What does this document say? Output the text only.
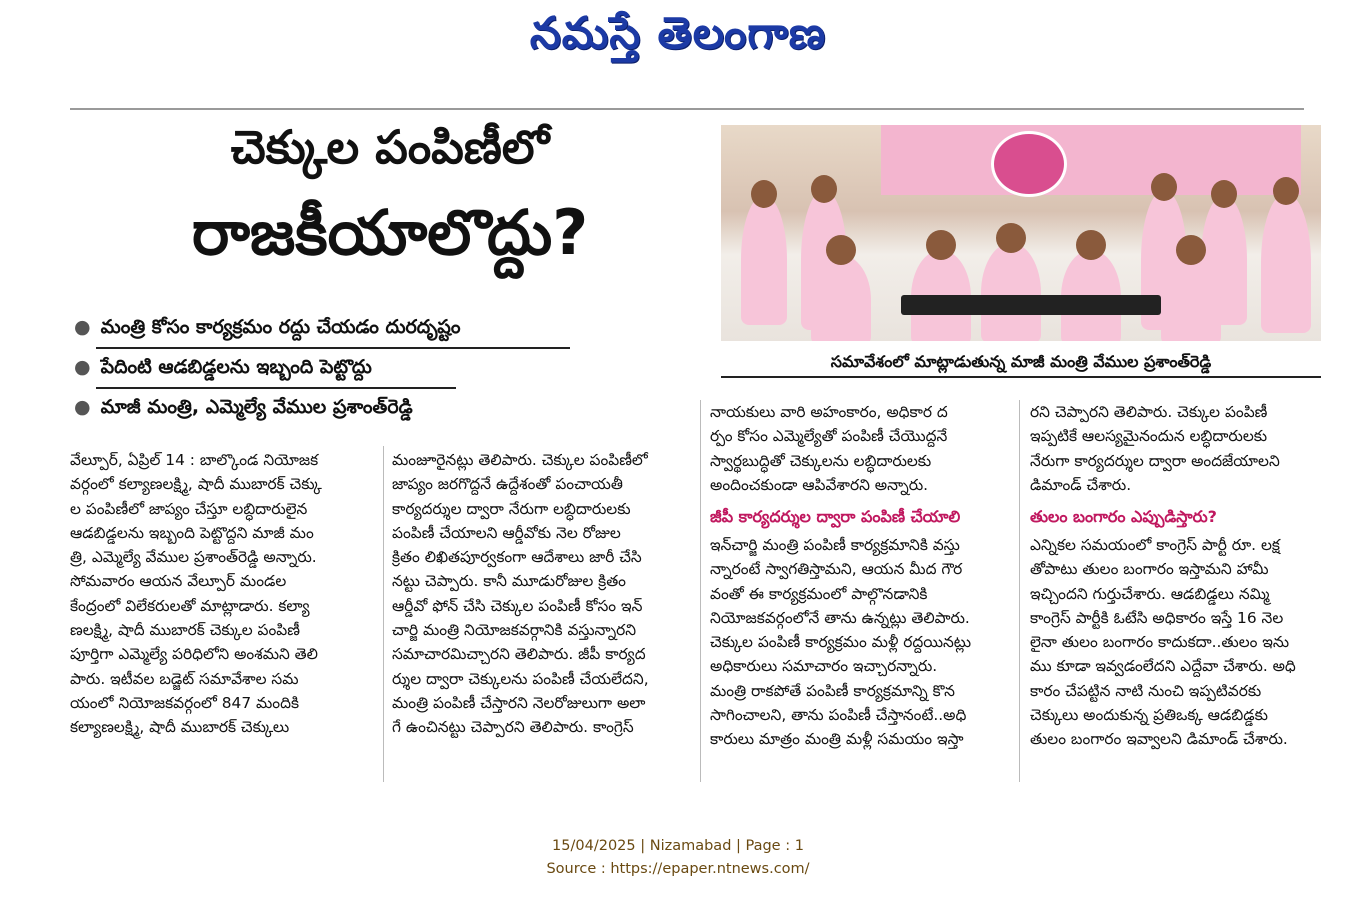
నమస్తే తెలంగాణ
చెక్కుల పంపిణీలో
రాజకీయాలొద్దు?
● మంత్రి కోసం కార్యక్రమం రద్దు చేయడం దురదృష్టం
● పేదింటి ఆడబిడ్డలను ఇబ్బంది పెట్టొద్దు
● మాజీ మంత్రి, ఎమ్మెల్యే వేముల ప్రశాంత్‌రెడ్డి
సమావేశంలో మాట్లాడుతున్న మాజీ మంత్రి వేముల ప్రశాంత్‌రెడ్డి
వేల్పూర్, ఏప్రిల్ 14 : బాల్కొండ నియోజక
వర్గంలో కల్యాణలక్ష్మి, షాదీ ముబారక్ చెక్కు
ల పంపిణీలో జాప్యం చేస్తూ లబ్ధిదారులైన
ఆడబిడ్డలను ఇబ్బంది పెట్టొద్దని మాజీ మం
త్రి, ఎమ్మెల్యే వేముల ప్రశాంత్‌రెడ్డి అన్నారు.
సోమవారం ఆయన వేల్పూర్ మండల
కేంద్రంలో విలేకరులతో మాట్లాడారు. కల్యా
ణలక్ష్మి, షాదీ ముబారక్ చెక్కుల పంపిణీ
పూర్తిగా ఎమ్మెల్యే పరిధిలోని అంశమని తెలి
పారు. ఇటీవల బడ్జెట్ సమావేశాల సమ
యంలో నియోజకవర్గంలో 847 మందికి
కల్యాణలక్ష్మి, షాదీ ముబారక్ చెక్కులు
మంజూరైనట్లు తెలిపారు. చెక్కుల పంపిణీలో
జాప్యం జరగొద్దనే ఉద్దేశంతో పంచాయతీ
కార్యదర్శుల ద్వారా నేరుగా లబ్ధిదారులకు
పంపిణీ చేయాలని ఆర్డీవోకు నెల రోజుల
క్రితం లిఖితపూర్వకంగా ఆదేశాలు జారీ చేసి
నట్టు చెప్పారు. కానీ మూడురోజుల క్రితం
ఆర్డీవో ఫోన్ చేసి చెక్కుల పంపిణీ కోసం ఇన్
చార్జి మంత్రి నియోజకవర్గానికి వస్తున్నారని
సమాచారమిచ్చారని తెలిపారు. జీపీ కార్యద
ర్శుల ద్వారా చెక్కులను పంపిణీ చేయలేదని,
మంత్రి పంపిణీ చేస్తారని నెలరోజులుగా అలా
గే ఉంచినట్టు చెప్పారని తెలిపారు. కాంగ్రెస్
నాయకులు వారి అహంకారం, అధికార ద
ర్పం కోసం ఎమ్మెల్యేతో పంపిణీ చేయొద్దనే
స్వార్థబుద్ధితో చెక్కులను లబ్ధిదారులకు
అందించకుండా ఆపివేశారని అన్నారు.
జీపీ కార్యదర్శుల ద్వారా పంపిణీ చేయాలి
ఇన్‌చార్జి మంత్రి పంపిణీ కార్యక్రమానికి వస్తు
న్నారంటే స్వాగతిస్తామని, ఆయన మీద గౌర
వంతో ఈ కార్యక్రమంలో పాల్గొనడానికి
నియోజకవర్గంలోనే తాను ఉన్నట్లు తెలిపారు.
చెక్కుల పంపిణీ కార్యక్రమం మళ్లీ రద్దయినట్లు
అధికారులు సమాచారం ఇచ్చారన్నారు.
మంత్రి రాకపోతే పంపిణీ కార్యక్రమాన్ని కొన
సాగించాలని, తాను పంపిణీ చేస్తానంటే..అధి
కారులు మాత్రం మంత్రి మళ్లీ సమయం ఇస్తా
రని చెప్పారని తెలిపారు. చెక్కుల పంపిణీ
ఇప్పటికే ఆలస్యమైనందున లబ్ధిదారులకు
నేరుగా కార్యదర్శుల ద్వారా అందజేయాలని
డిమాండ్ చేశారు.
తులం బంగారం ఎప్పుడిస్తారు?
ఎన్నికల సమయంలో కాంగ్రెస్ పార్టీ రూ. లక్ష
తోపాటు తులం బంగారం ఇస్తామని హామీ
ఇచ్చిందని గుర్తుచేశారు. ఆడబిడ్డలు నమ్మి
కాంగ్రెస్ పార్టీకి ఓటేసి అధికారం ఇస్తే 16 నెల
లైనా తులం బంగారం కాదుకదా..తులం ఇను
ము కూడా ఇవ్వడంలేదని ఎద్దేవా చేశారు. అధి
కారం చేపట్టిన నాటి నుంచి ఇప్పటివరకు
చెక్కులు అందుకున్న ప్రతిఒక్క ఆడబిడ్డకు
తులం బంగారం ఇవ్వాలని డిమాండ్ చేశారు.
15/04/2025 | Nizamabad | Page : 1
Source : https://epaper.ntnews.com/
